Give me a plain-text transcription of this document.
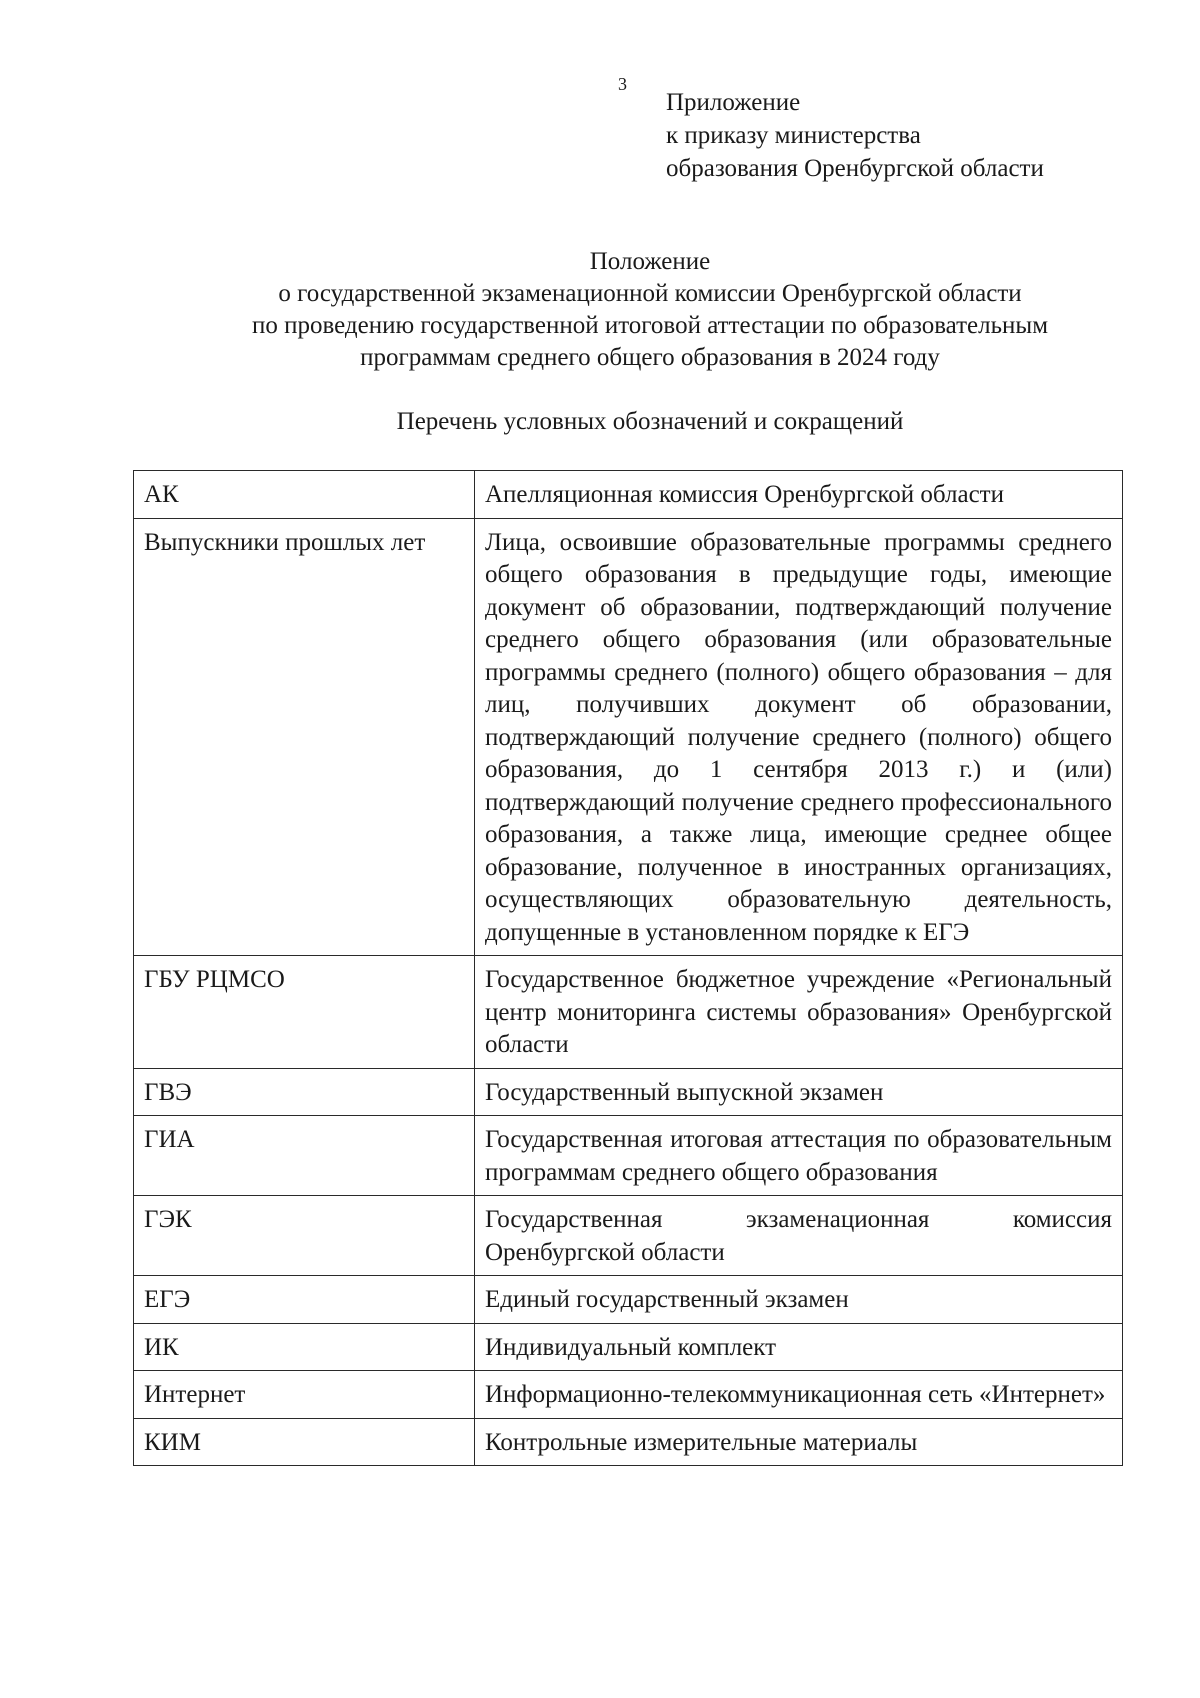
3
Приложение
к приказу министерства
образования Оренбургской области
Положение
о государственной экзаменационной комиссии Оренбургской области
по проведению государственной итоговой аттестации по образовательным
программам среднего общего образования в 2024 году
Перечень условных обозначений и сокращений
АК	Апелляционная комиссия Оренбургской области
Выпускники прошлых лет	Лица, освоившие образовательные программы среднего общего образования в предыдущие годы, имеющие документ об образовании, подтверждающий получение среднего общего образования (или образовательные программы среднего (полного) общего образования – для лиц, получивших документ об образовании, подтверждающий получение среднего (полного) общего образования, до 1 сентября 2013 г.) и (или) подтверждающий получение среднего профессионального образования, а также лица, имеющие среднее общее образование, полученное в иностранных организациях, осуществляющих образовательную деятельность, допущенные в установленном порядке к ЕГЭ
ГБУ РЦМСО	Государственное бюджетное учреждение «Региональный центр мониторинга системы образования» Оренбургской области
ГВЭ	Государственный выпускной экзамен
ГИА	Государственная итоговая аттестация по образовательным программам среднего общего образования
ГЭК	Государственная экзаменационная комиссия Оренбургской области
ЕГЭ	Единый государственный экзамен
ИК	Индивидуальный комплект
Интернет	Информационно-телекоммуникационная сеть «Интернет»
КИМ	Контрольные измерительные материалы
